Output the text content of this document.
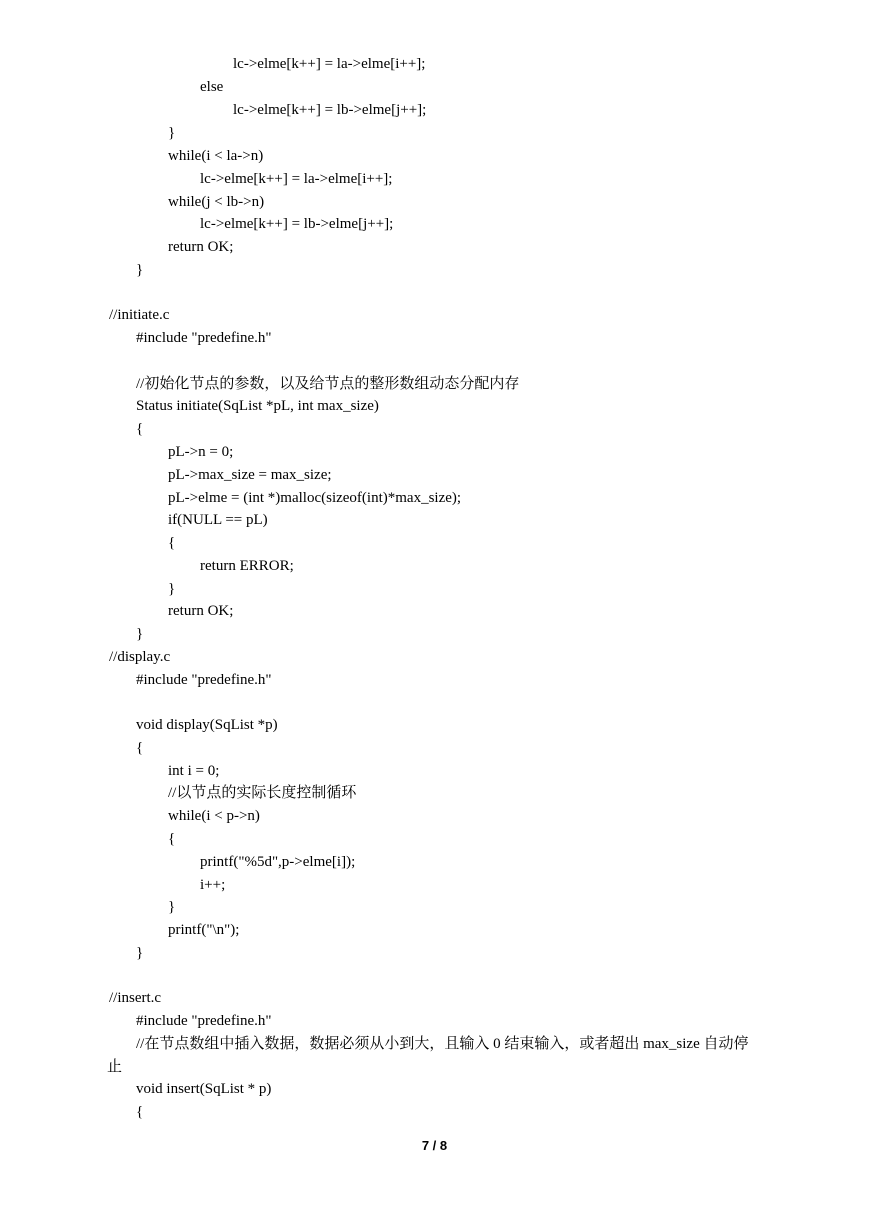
lc->elme[k++] = la->elme[i++];
else
lc->elme[k++] = lb->elme[j++];
}
while(i < la->n)
lc->elme[k++] = la->elme[i++];
while(j < lb->n)
lc->elme[k++] = lb->elme[j++];
return OK;
}
//initiate.c
#include "predefine.h"
//初始化节点的参数，以及给节点的整形数组动态分配内存
Status initiate(SqList *pL, int max_size)
{
pL->n = 0;
pL->max_size = max_size;
pL->elme = (int *)malloc(sizeof(int)*max_size);
if(NULL == pL)
{
return ERROR;
}
return OK;
}
//display.c
#include "predefine.h"
void display(SqList *p)
{
int i = 0;
//以节点的实际长度控制循环
while(i < p->n)
{
printf("%5d",p->elme[i]);
i++;
}
printf("\n");
}
//insert.c
#include "predefine.h"
//在节点数组中插入数据，数据必须从小到大，且输入 0 结束输入，或者超出 max_size 自动停
止
void insert(SqList * p)
{
7 / 8
